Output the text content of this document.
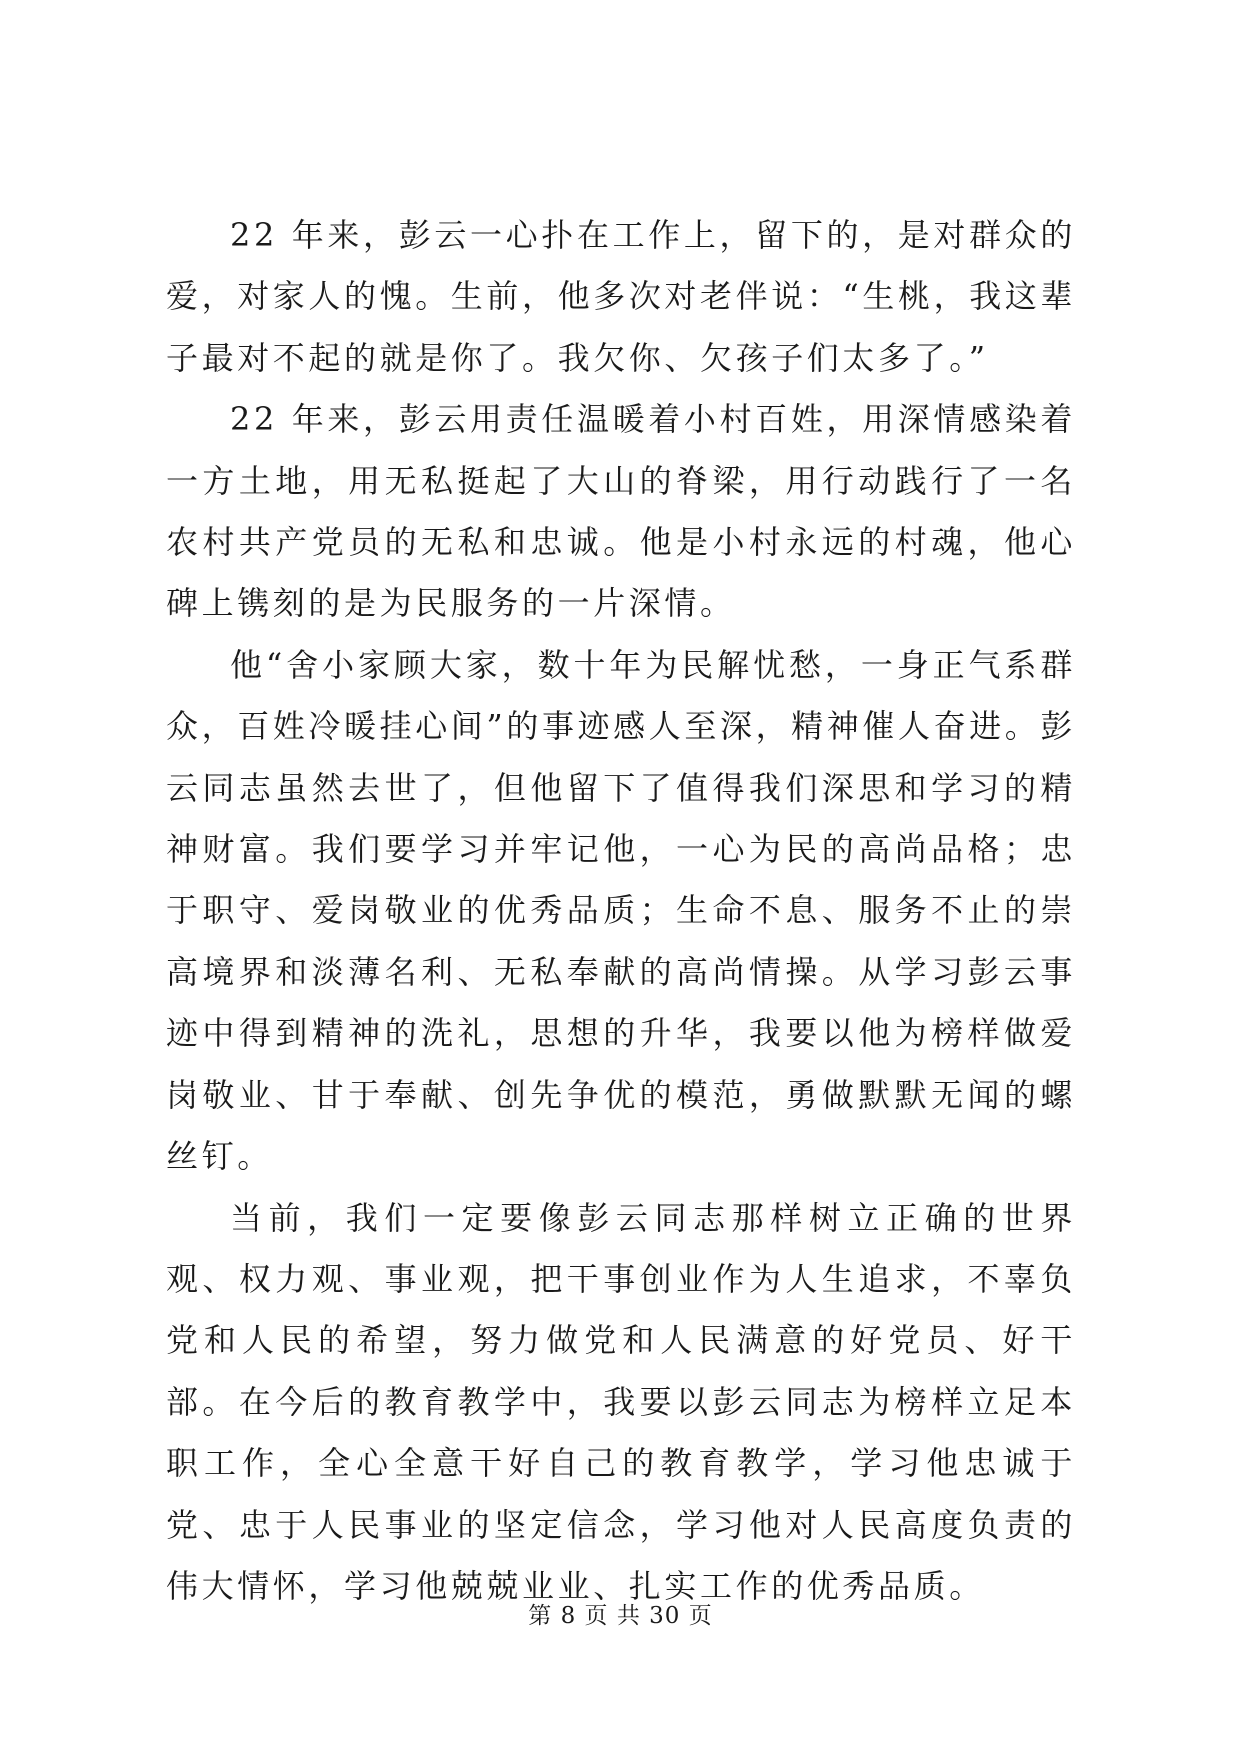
22 年来，彭云一心扑在工作上，留下的，是对群众的爱，对家人的愧。生前，他多次对老伴说：“生桃，我这辈子最对不起的就是你了。我欠你、欠孩子们太多了。”

22 年来，彭云用责任温暖着小村百姓，用深情感染着一方土地，用无私挺起了大山的脊梁，用行动践行了一名农村共产党员的无私和忠诚。他是小村永远的村魂，他心碑上镌刻的是为民服务的一片深情。

他“舍小家顾大家，数十年为民解忧愁，一身正气系群众，百姓冷暖挂心间”的事迹感人至深，精神催人奋进。彭云同志虽然去世了，但他留下了值得我们深思和学习的精神财富。我们要学习并牢记他，一心为民的高尚品格；忠于职守、爱岗敬业的优秀品质；生命不息、服务不止的崇高境界和淡薄名利、无私奉献的高尚情操。从学习彭云事迹中得到精神的洗礼，思想的升华，我要以他为榜样做爱岗敬业、甘于奉献、创先争优的模范，勇做默默无闻的螺丝钉。

当前，我们一定要像彭云同志那样树立正确的世界观、权力观、事业观，把干事创业作为人生追求，不辜负党和人民的希望，努力做党和人民满意的好党员、好干部。在今后的教育教学中，我要以彭云同志为榜样立足本职工作，全心全意干好自己的教育教学，学习他忠诚于党、忠于人民事业的坚定信念，学习他对人民高度负责的伟大情怀，学习他兢兢业业、扎实工作的优秀品质。

第 8 页 共 30 页
